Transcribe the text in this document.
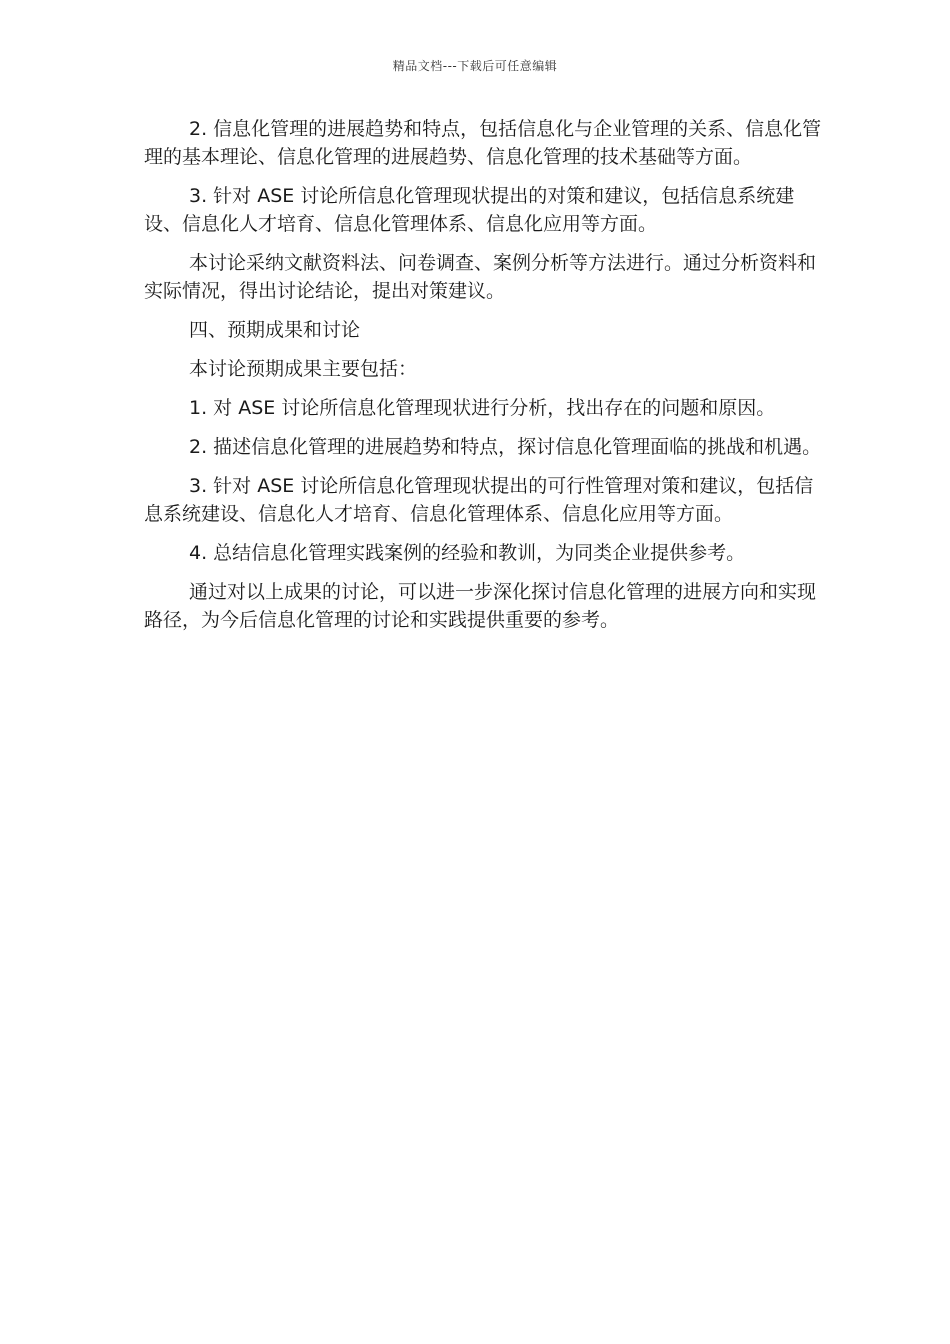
精品文档---下载后可任意编辑

2. 信息化管理的进展趋势和特点，包括信息化与企业管理的关系、信息化管理的基本理论、信息化管理的进展趋势、信息化管理的技术基础等方面。

3. 针对 ASE 讨论所信息化管理现状提出的对策和建议，包括信息系统建设、信息化人才培育、信息化管理体系、信息化应用等方面。

本讨论采纳文献资料法、问卷调查、案例分析等方法进行。通过分析资料和实际情况，得出讨论结论，提出对策建议。

四、预期成果和讨论

本讨论预期成果主要包括：

1. 对 ASE 讨论所信息化管理现状进行分析，找出存在的问题和原因。

2. 描述信息化管理的进展趋势和特点，探讨信息化管理面临的挑战和机遇。

3. 针对 ASE 讨论所信息化管理现状提出的可行性管理对策和建议，包括信息系统建设、信息化人才培育、信息化管理体系、信息化应用等方面。

4. 总结信息化管理实践案例的经验和教训，为同类企业提供参考。

通过对以上成果的讨论，可以进一步深化探讨信息化管理的进展方向和实现路径，为今后信息化管理的讨论和实践提供重要的参考。
